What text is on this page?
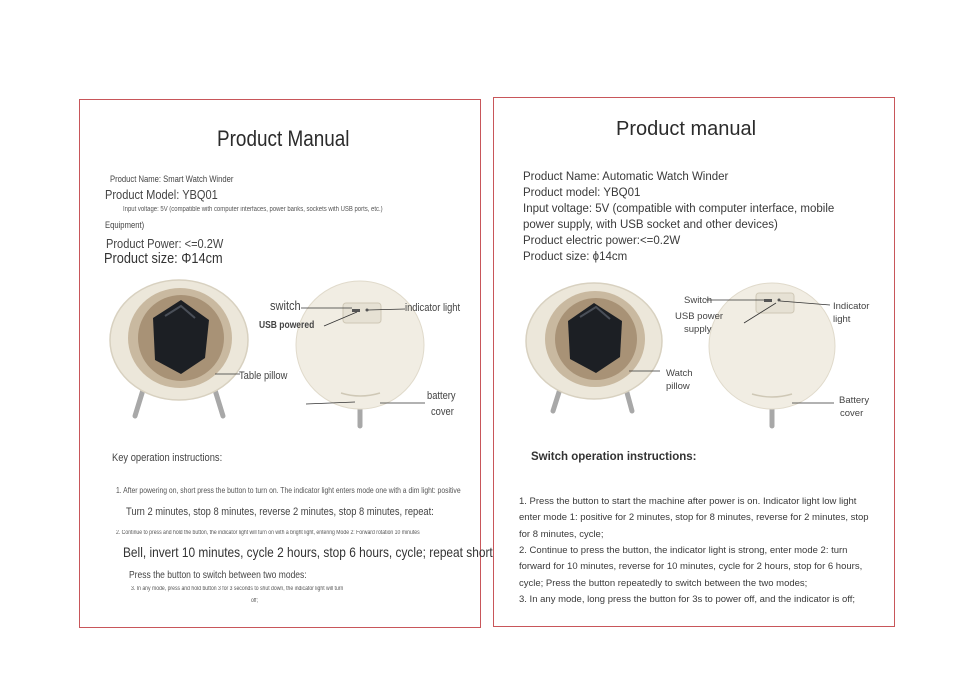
Product Manual
Product Name: Smart Watch Winder
Product Model: YBQ01
Input voltage: 5V (compatible with computer interfaces, power banks, sockets with USB ports, etc.)
Equipment)
Product Power: <=0.2W
Product size: Φ14cm
switch	indicator light
USB powered
Table pillow
battery
cover
Key operation instructions:
1. After powering on, short press the button to turn on. The indicator light enters mode one with a dim light: positive
Turn 2 minutes, stop 8 minutes, reverse 2 minutes, stop 8 minutes, repeat:
2. Continue to press and hold the button, the indicator light will turn on with a bright light, entering Mode 2: Forward rotation 10 minutes
Bell, invert 10 minutes, cycle 2 hours, stop 6 hours, cycle; repeat short
Press the button to switch between two modes:
3. In any mode, press and hold button 3 for 3 seconds to shut down, the indicator light will turn
off;
Product manual
Product Name: Automatic Watch Winder
Product model: YBQ01
Input voltage: 5V (compatible with computer interface, mobile
power supply, with USB socket and other devices)
Product electric power:<=0.2W
Product size: ϕ14cm
Switch
USB power
supply
Indicator
light
Watch
pillow
Battery
cover
Switch operation instructions:
1. Press the button to start the machine after power is on. Indicator light low light enter mode 1: positive for 2 minutes, stop for 8 minutes, reverse for 2 minutes, stop for 8 minutes, cycle;
2. Continue to press the button, the indicator light is strong, enter mode 2: turn forward for 10 minutes, reverse for 10 minutes, cycle for 2 hours, stop for 6 hours, cycle; Press the button repeatedly to switch between the two modes;
3. In any mode, long press the button for 3s to power off, and the indicator is off;
